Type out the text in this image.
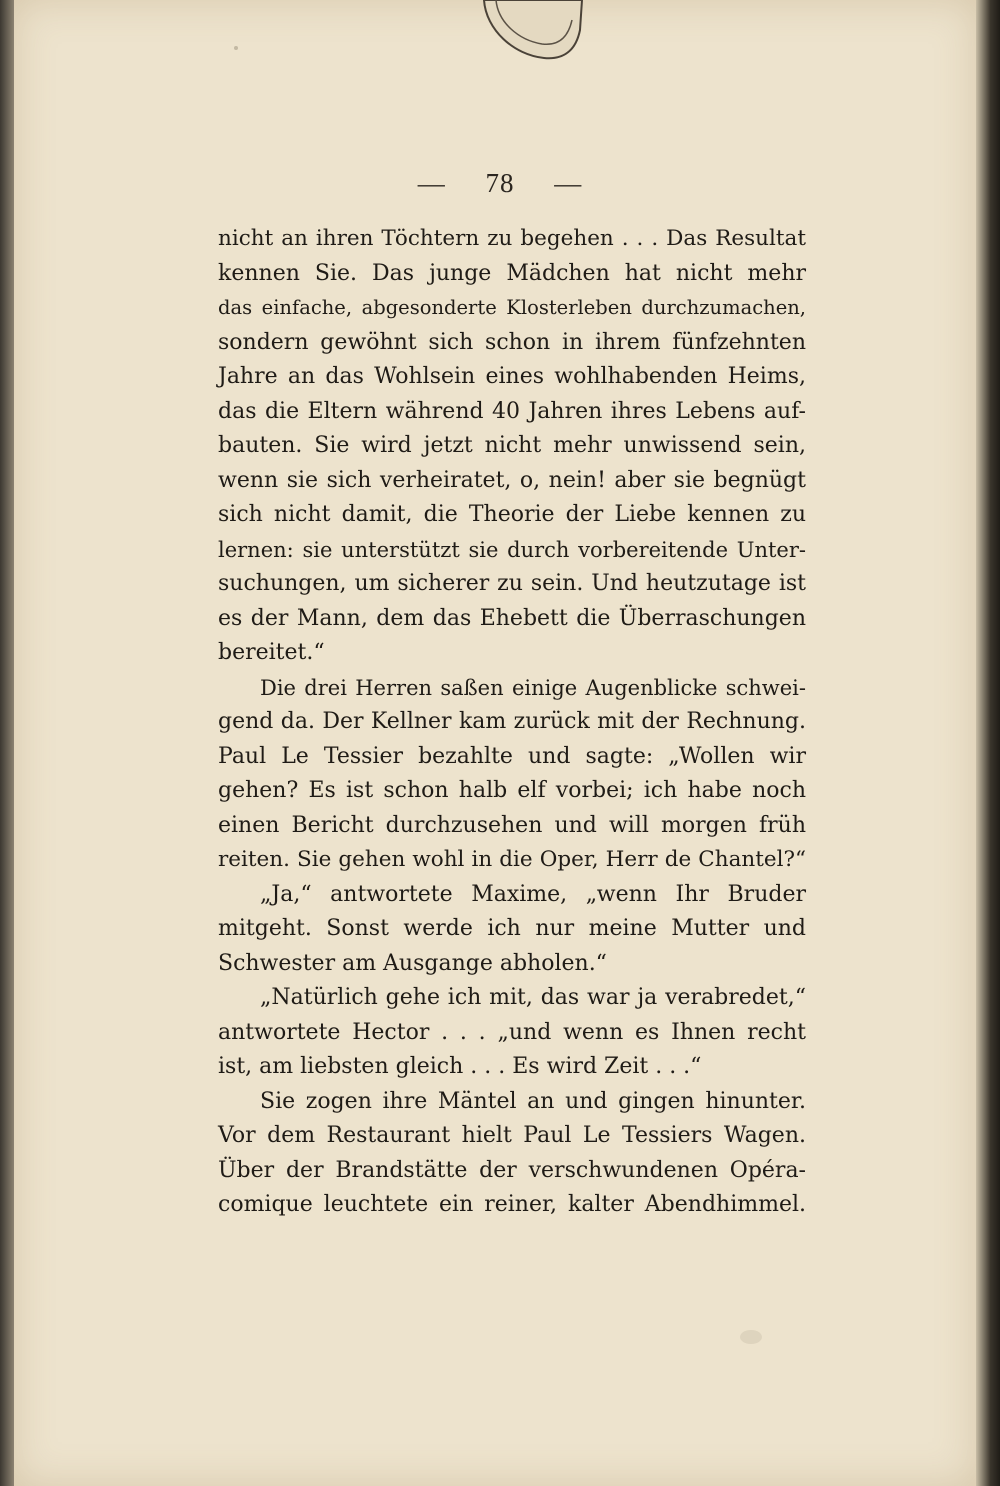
— 78 —
nicht an ihren Töchtern zu begehen . . . Das Resultat
kennen Sie. Das junge Mädchen hat nicht mehr
das einfache, abgesonderte Klosterleben durchzumachen,
sondern gewöhnt sich schon in ihrem fünfzehnten
Jahre an das Wohlsein eines wohlhabenden Heims,
das die Eltern während 40 Jahren ihres Lebens auf-
bauten. Sie wird jetzt nicht mehr unwissend sein,
wenn sie sich verheiratet, o, nein! aber sie begnügt
sich nicht damit, die Theorie der Liebe kennen zu
lernen: sie unterstützt sie durch vorbereitende Unter-
suchungen, um sicherer zu sein. Und heutzutage ist
es der Mann, dem das Ehebett die Überraschungen
bereitet.“
Die drei Herren saßen einige Augenblicke schwei-
gend da. Der Kellner kam zurück mit der Rechnung.
Paul Le Tessier bezahlte und sagte: „Wollen wir
gehen? Es ist schon halb elf vorbei; ich habe noch
einen Bericht durchzusehen und will morgen früh
reiten. Sie gehen wohl in die Oper, Herr de Chantel?“
„Ja,“ antwortete Maxime, „wenn Ihr Bruder
mitgeht. Sonst werde ich nur meine Mutter und
Schwester am Ausgange abholen.“
„Natürlich gehe ich mit, das war ja verabredet,“
antwortete Hector . . . „und wenn es Ihnen recht
ist, am liebsten gleich . . . Es wird Zeit . . .“
Sie zogen ihre Mäntel an und gingen hinunter.
Vor dem Restaurant hielt Paul Le Tessiers Wagen.
Über der Brandstätte der verschwundenen Opéra-
comique leuchtete ein reiner, kalter Abendhimmel.
